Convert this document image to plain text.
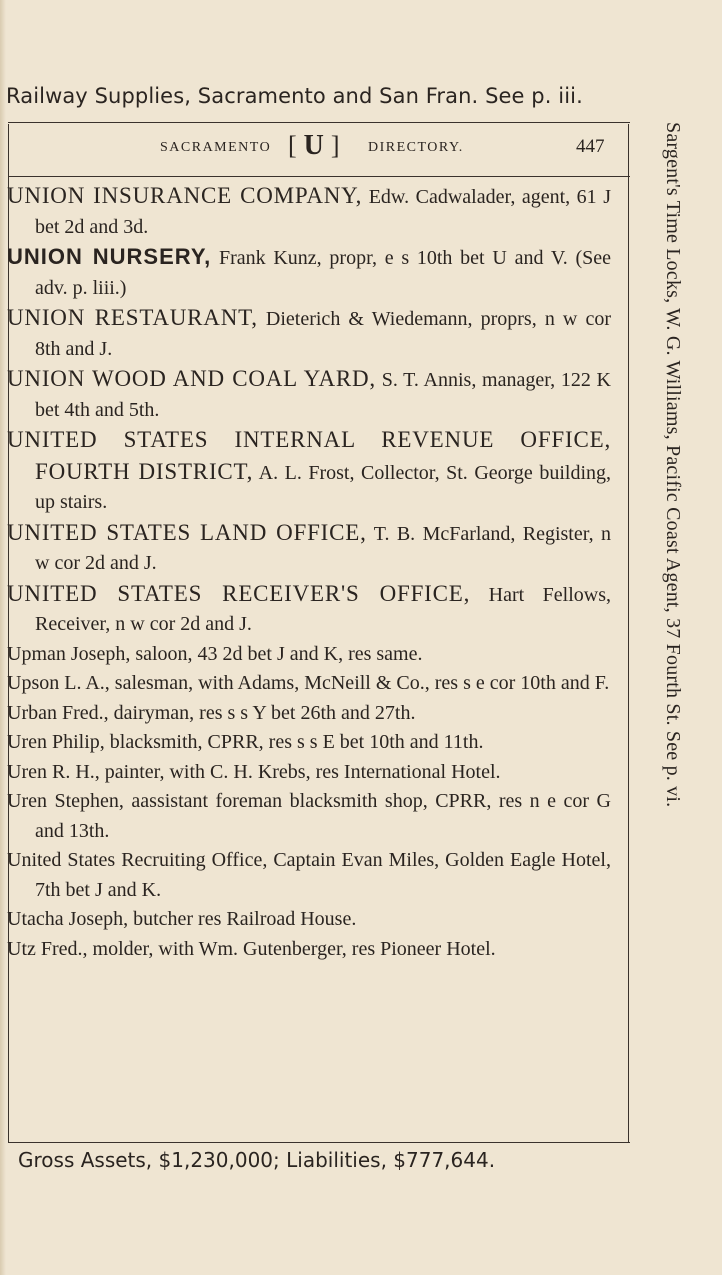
Railway Supplies, Sacramento and San Fran. See p. iii.
SACRAMENTO [ U ] DIRECTORY.	447
UNION INSURANCE COMPANY, Edw. Cadwalader, agent, 61 J bet 2d and 3d.
UNION NURSERY, Frank Kunz, propr, e s 10th bet U and V. (See adv. p. liii.)
UNION RESTAURANT, Dieterich & Wiedemann, proprs, n w cor 8th and J.
UNION WOOD AND COAL YARD, S. T. Annis, manager, 122 K bet 4th and 5th.
UNITED STATES INTERNAL REVENUE OFFICE, FOURTH DISTRICT, A. L. Frost, Collector, St. George building, up stairs.
UNITED STATES LAND OFFICE, T. B. McFarland, Register, n w cor 2d and J.
UNITED STATES RECEIVER'S OFFICE, Hart Fellows, Receiver, n w cor 2d and J.
Upman Joseph, saloon, 43 2d bet J and K, res same.
Upson L. A., salesman, with Adams, McNeill & Co., res s e cor 10th and F.
Urban Fred., dairyman, res s s Y bet 26th and 27th.
Uren Philip, blacksmith, CPRR, res s s E bet 10th and 11th.
Uren R. H., painter, with C. H. Krebs, res International Hotel.
Uren Stephen, aassistant foreman blacksmith shop, CPRR, res n e cor G and 13th.
United States Recruiting Office, Captain Evan Miles, Golden Eagle Hotel, 7th bet J and K.
Utacha Joseph, butcher res Railroad House.
Utz Fred., molder, with Wm. Gutenberger, res Pioneer Hotel.
Sargent's Time Locks, W. G. Williams, Pacific Coast Agent, 37 Fourth St. See p. vi.
Gross Assets, $1,230,000; Liabilities, $777,644.
